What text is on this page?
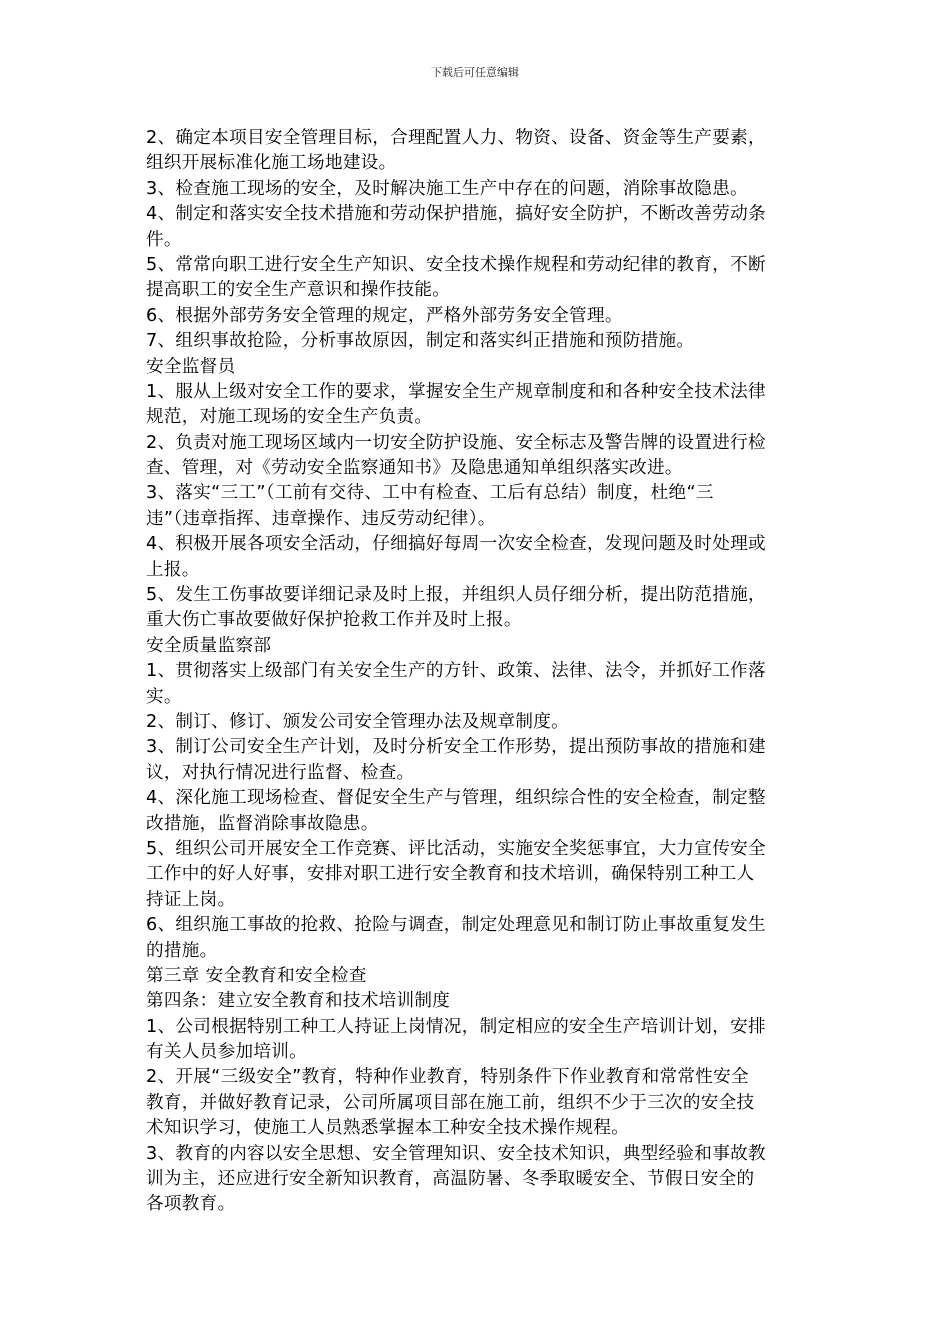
下载后可任意编辑
2、确定本项目安全管理目标，合理配置人力、物资、设备、资金等生产要素，
组织开展标准化施工场地建设。
3、检查施工现场的安全，及时解决施工生产中存在的问题，消除事故隐患。
4、制定和落实安全技术措施和劳动保护措施，搞好安全防护，不断改善劳动条
件。
5、常常向职工进行安全生产知识、安全技术操作规程和劳动纪律的教育，不断
提高职工的安全生产意识和操作技能。
6、根据外部劳务安全管理的规定，严格外部劳务安全管理。
7、组织事故抢险，分析事故原因，制定和落实纠正措施和预防措施。
安全监督员
1、服从上级对安全工作的要求，掌握安全生产规章制度和和各种安全技术法律
规范，对施工现场的安全生产负责。
2、负责对施工现场区域内一切安全防护设施、安全标志及警告牌的设置进行检
查、管理，对《劳动安全监察通知书》及隐患通知单组织落实改进。
3、落实“三工”（工前有交待、工中有检查、工后有总结）制度，杜绝“三
违”（违章指挥、违章操作、违反劳动纪律）。
4、积极开展各项安全活动，仔细搞好每周一次安全检查，发现问题及时处理或
上报。
5、发生工伤事故要详细记录及时上报，并组织人员仔细分析，提出防范措施，
重大伤亡事故要做好保护抢救工作并及时上报。
安全质量监察部
1、贯彻落实上级部门有关安全生产的方针、政策、法律、法令，并抓好工作落
实。
2、制订、修订、颁发公司安全管理办法及规章制度。
3、制订公司安全生产计划，及时分析安全工作形势，提出预防事故的措施和建
议，对执行情况进行监督、检查。
4、深化施工现场检查、督促安全生产与管理，组织综合性的安全检查，制定整
改措施，监督消除事故隐患。
5、组织公司开展安全工作竞赛、评比活动，实施安全奖惩事宜，大力宣传安全
工作中的好人好事，安排对职工进行安全教育和技术培训，确保特别工种工人
持证上岗。
6、组织施工事故的抢救、抢险与调查，制定处理意见和制订防止事故重复发生
的措施。
第三章 安全教育和安全检查
第四条：建立安全教育和技术培训制度
1、公司根据特别工种工人持证上岗情况，制定相应的安全生产培训计划，安排
有关人员参加培训。
2、开展“三级安全”教育，特种作业教育，特别条件下作业教育和常常性安全
教育，并做好教育记录，公司所属项目部在施工前，组织不少于三次的安全技
术知识学习，使施工人员熟悉掌握本工种安全技术操作规程。
3、教育的内容以安全思想、安全管理知识、安全技术知识，典型经验和事故教
训为主，还应进行安全新知识教育，高温防暑、冬季取暖安全、节假日安全的
各项教育。
